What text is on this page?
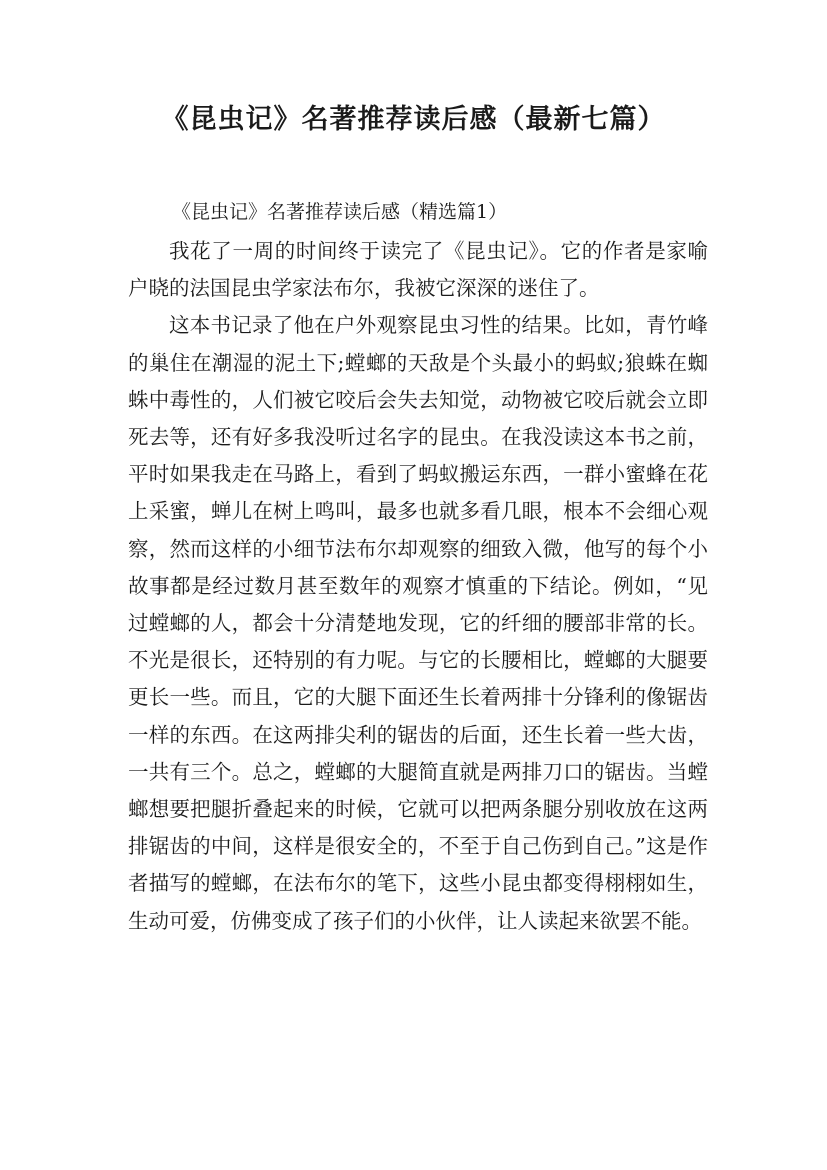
《昆虫记》名著推荐读后感（最新七篇）
《昆虫记》名著推荐读后感（精选篇1）

我花了一周的时间终于读完了《昆虫记》。它的作者是家喻户晓的法国昆虫学家法布尔，我被它深深的迷住了。

这本书记录了他在户外观察昆虫习性的结果。比如，青竹峰的巢住在潮湿的泥土下;螳螂的天敌是个头最小的蚂蚁;狼蛛在蜘蛛中毒性的，人们被它咬后会失去知觉，动物被它咬后就会立即死去等，还有好多我没听过名字的昆虫。在我没读这本书之前，平时如果我走在马路上，看到了蚂蚁搬运东西，一群小蜜蜂在花上采蜜，蝉儿在树上鸣叫，最多也就多看几眼，根本不会细心观察，然而这样的小细节法布尔却观察的细致入微，他写的每个小故事都是经过数月甚至数年的观察才慎重的下结论。例如，“见过螳螂的人，都会十分清楚地发现，它的纤细的腰部非常的长。不光是很长，还特别的有力呢。与它的长腰相比，螳螂的大腿要更长一些。而且，它的大腿下面还生长着两排十分锋利的像锯齿一样的东西。在这两排尖利的锯齿的后面，还生长着一些大齿，一共有三个。总之，螳螂的大腿简直就是两排刀口的锯齿。当螳螂想要把腿折叠起来的时候，它就可以把两条腿分别收放在这两排锯齿的中间，这样是很安全的，不至于自己伤到自己。”这是作者描写的螳螂，在法布尔的笔下，这些小昆虫都变得栩栩如生，生动可爱，仿佛变成了孩子们的小伙伴，让人读起来欲罢不能。
